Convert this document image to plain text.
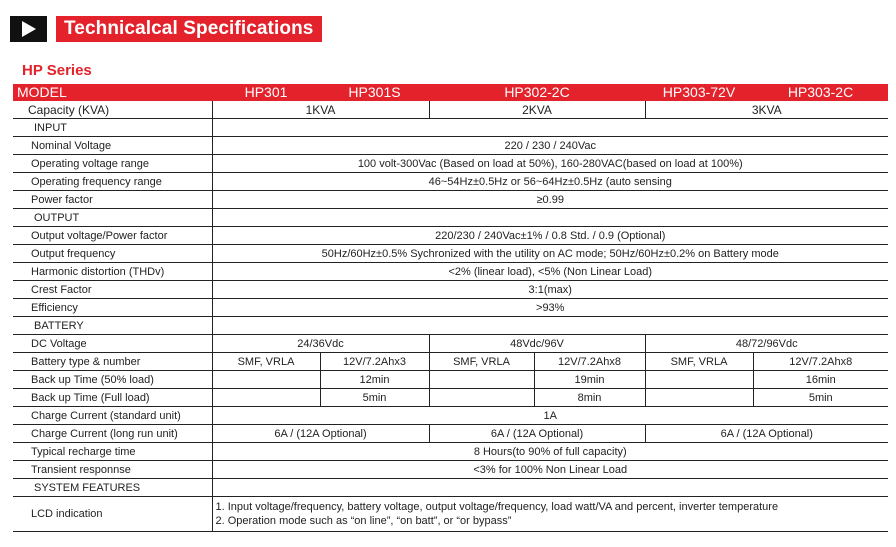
Technicalcal Specifications
HP Series
MODEL	HP301	HP301S	HP302-2C		HP303-72V	HP303-2C
Capacity (KVA)	1KVA		2KVA		3KVA	
INPUT						
Nominal Voltage	220 / 230 / 240Vac					
Operating voltage range	100 volt-300Vac (Based on load at 50%), 160-280VAC(based on load at 100%)					
Operating frequency range	46~54Hz±0.5Hz or 56~64Hz±0.5Hz (auto sensing					
Power factor	≥0.99					
OUTPUT						
Output voltage/Power factor	220/230 / 240Vac±1% / 0.8 Std. / 0.9 (Optional)					
Output frequency	50Hz/60Hz±0.5% Sychronized with the utility on AC mode; 50Hz/60Hz±0.2% on Battery mode					
Harmonic distortion (THDv)	<2% (linear load), <5% (Non Linear Load)					
Crest Factor	3:1(max)					
Efficiency	>93%					
BATTERY						
DC Voltage	24/36Vdc		48Vdc/96V		48/72/96Vdc	
Battery type & number	SMF, VRLA	12V/7.2Ahx3	SMF, VRLA	12V/7.2Ahx8	SMF, VRLA	12V/7.2Ahx8
Back up Time (50% load)		12min		19min		16min
Back up Time (Full load)		5min		8min		5min
Charge Current (standard unit)	1A					
Charge Current (long run unit)	6A / (12A Optional)		6A / (12A Optional)		6A / (12A Optional)	
Typical recharge time	8 Hours(to 90% of full capacity)					
Transient responnse	<3% for 100% Non Linear Load					
SYSTEM FEATURES						
LCD indication	1. Input voltage/frequency, battery voltage, output voltage/frequency, load watt/VA and percent, inverter temperature
2. Operation mode such as “on line”, “on batt”, or “or bypass”					
